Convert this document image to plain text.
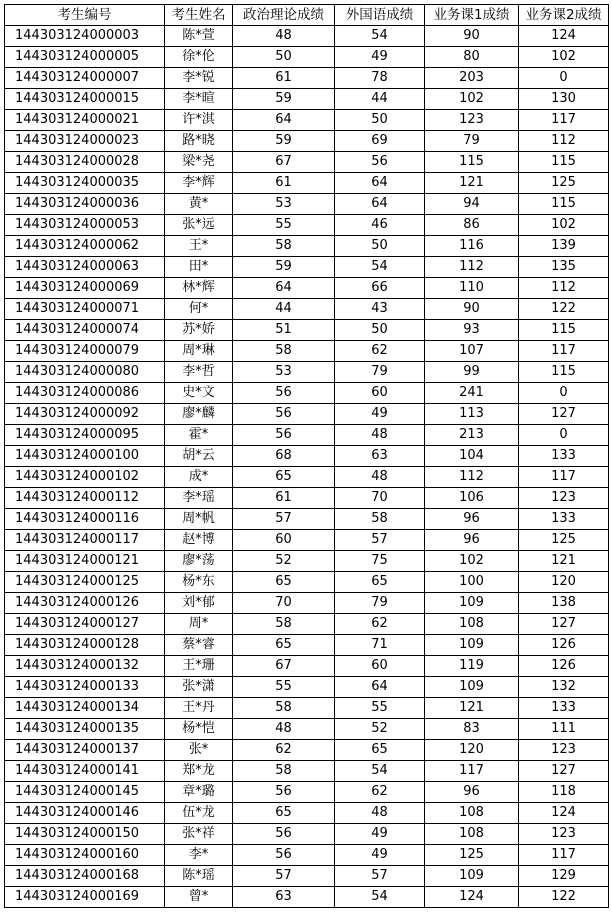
考生编号	考生姓名	政治理论成绩	外国语成绩	业务课1成绩	业务课2成绩
144303124000003	陈*萱	48	54	90	124
144303124000005	徐*伦	50	49	80	102
144303124000007	李*锐	61	78	203	0
144303124000015	李*暄	59	44	102	130
144303124000021	许*淇	64	50	123	117
144303124000023	路*晓	59	69	79	112
144303124000028	梁*尧	67	56	115	115
144303124000035	李*辉	61	64	121	125
144303124000036	黄*	53	64	94	115
144303124000053	张*远	55	46	86	102
144303124000062	王*	58	50	116	139
144303124000063	田*	59	54	112	135
144303124000069	林*辉	64	66	110	112
144303124000071	何*	44	43	90	122
144303124000074	苏*娇	51	50	93	115
144303124000079	周*琳	58	62	107	117
144303124000080	李*哲	53	79	99	115
144303124000086	史*文	56	60	241	0
144303124000092	廖*麟	56	49	113	127
144303124000095	霍*	56	48	213	0
144303124000100	胡*云	68	63	104	133
144303124000102	成*	65	48	112	117
144303124000112	李*瑶	61	70	106	123
144303124000116	周*帆	57	58	96	133
144303124000117	赵*博	60	57	96	125
144303124000121	廖*荡	52	75	102	121
144303124000125	杨*东	65	65	100	120
144303124000126	刘*郁	70	79	109	138
144303124000127	周*	58	62	108	127
144303124000128	蔡*睿	65	71	109	126
144303124000132	王*珊	67	60	119	126
144303124000133	张*潇	55	64	109	132
144303124000134	王*丹	58	55	121	133
144303124000135	杨*恺	48	52	83	111
144303124000137	张*	62	65	120	123
144303124000141	郑*龙	58	54	117	127
144303124000145	章*璐	56	62	96	118
144303124000146	伍*龙	65	48	108	124
144303124000150	张*祥	56	49	108	123
144303124000160	李*	56	49	125	117
144303124000168	陈*瑶	57	57	109	129
144303124000169	曾*	63	54	124	122
